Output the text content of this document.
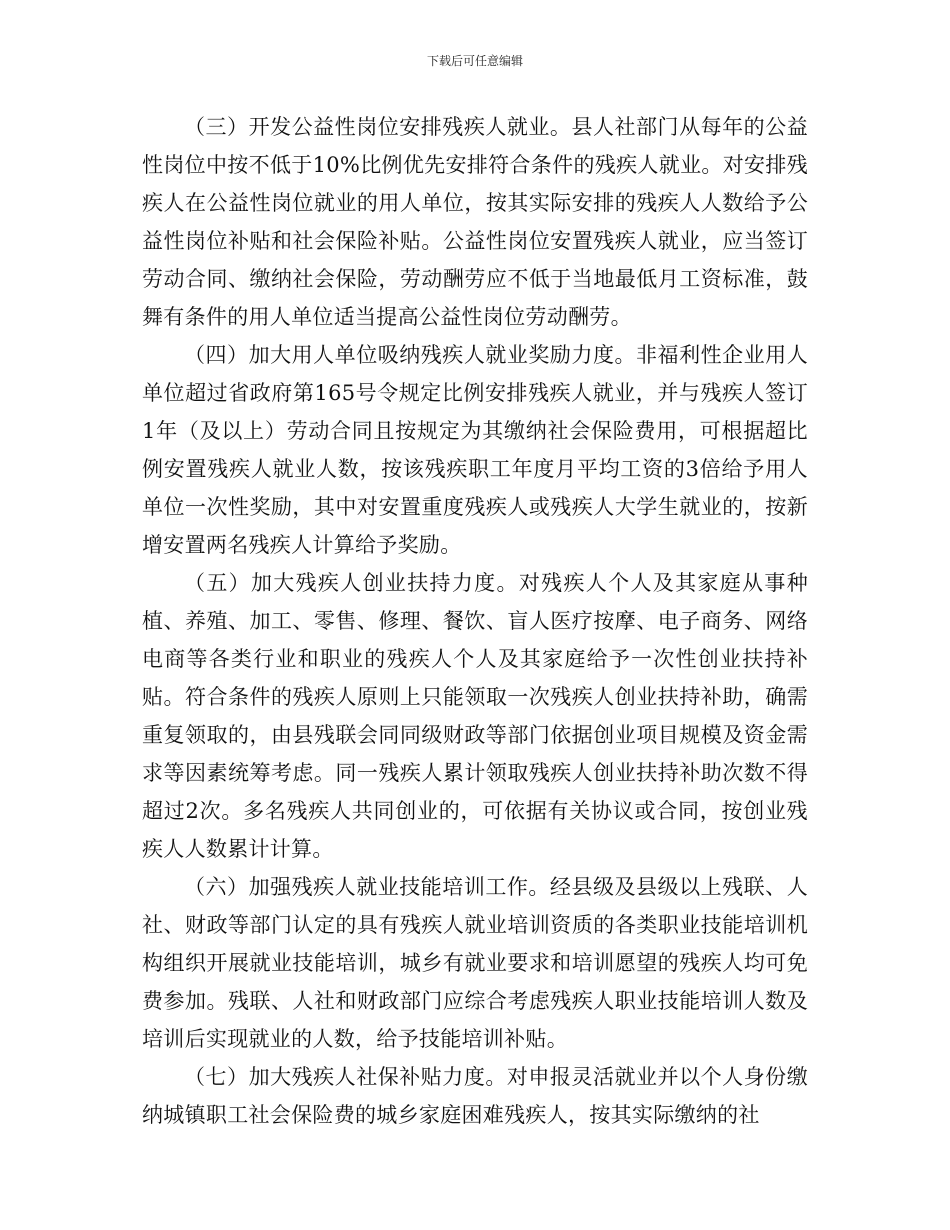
下载后可任意编辑

（三）开发公益性岗位安排残疾人就业。县人社部门从每年的公益性岗位中按不低于10%比例优先安排符合条件的残疾人就业。对安排残疾人在公益性岗位就业的用人单位，按其实际安排的残疾人人数给予公益性岗位补贴和社会保险补贴。公益性岗位安置残疾人就业，应当签订劳动合同、缴纳社会保险，劳动酬劳应不低于当地最低月工资标准，鼓舞有条件的用人单位适当提高公益性岗位劳动酬劳。

（四）加大用人单位吸纳残疾人就业奖励力度。非福利性企业用人单位超过省政府第165号令规定比例安排残疾人就业，并与残疾人签订1年（及以上）劳动合同且按规定为其缴纳社会保险费用，可根据超比例安置残疾人就业人数，按该残疾职工年度月平均工资的3倍给予用人单位一次性奖励，其中对安置重度残疾人或残疾人大学生就业的，按新增安置两名残疾人计算给予奖励。

（五）加大残疾人创业扶持力度。对残疾人个人及其家庭从事种植、养殖、加工、零售、修理、餐饮、盲人医疗按摩、电子商务、网络电商等各类行业和职业的残疾人个人及其家庭给予一次性创业扶持补贴。符合条件的残疾人原则上只能领取一次残疾人创业扶持补助，确需重复领取的，由县残联会同同级财政等部门依据创业项目规模及资金需求等因素统筹考虑。同一残疾人累计领取残疾人创业扶持补助次数不得超过2次。多名残疾人共同创业的，可依据有关协议或合同，按创业残疾人人数累计计算。

（六）加强残疾人就业技能培训工作。经县级及县级以上残联、人社、财政等部门认定的具有残疾人就业培训资质的各类职业技能培训机构组织开展就业技能培训，城乡有就业要求和培训愿望的残疾人均可免费参加。残联、人社和财政部门应综合考虑残疾人职业技能培训人数及培训后实现就业的人数，给予技能培训补贴。

（七）加大残疾人社保补贴力度。对申报灵活就业并以个人身份缴纳城镇职工社会保险费的城乡家庭困难残疾人，按其实际缴纳的社
